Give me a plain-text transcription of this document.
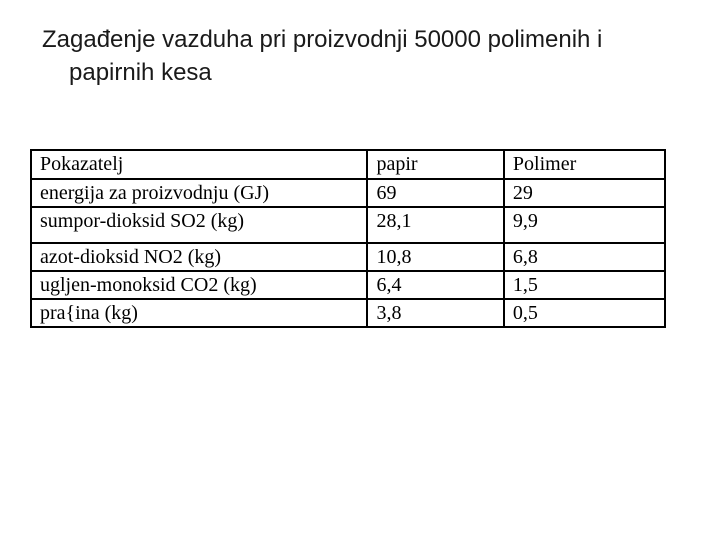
Zagađenje vazduha pri proizvodnji 50000 polimenih i
papirnih kesa
Pokazatelj	papir	Polimer
energija za proizvodnju (GJ)	69	29
sumpor-dioksid SO2 (kg)	28,1	9,9
azot-dioksid NO2 (kg)	10,8	6,8
ugljen-monoksid CO2 (kg)	6,4	1,5
pra{ina (kg)	3,8	0,5
